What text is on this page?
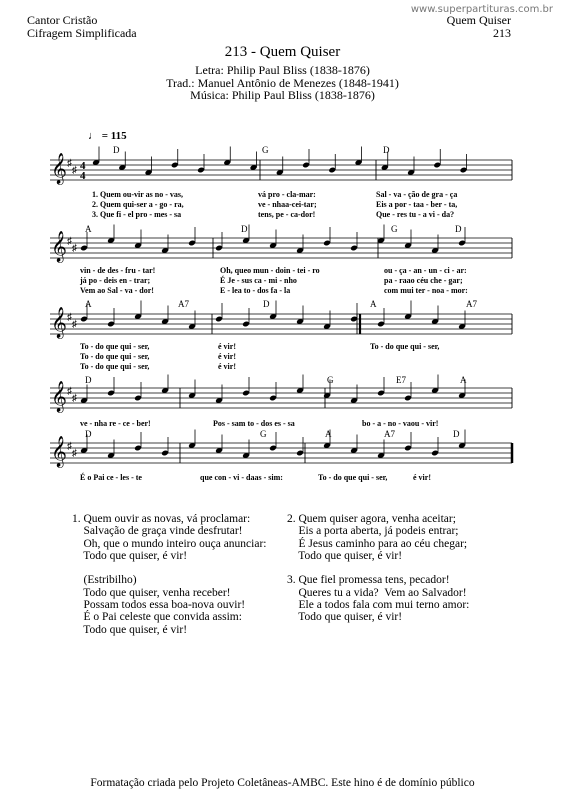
www.superpartituras.com.br
Cantor Cristão
Cifragem Simplificada
Quem Quiser
213
213 - Quem Quiser
Letra: Philip Paul Bliss (1838-1876)
Trad.: Manuel Antônio de Menezes (1848-1941)
Música: Philip Paul Bliss (1838-1876)
♩ = 115
𝄞 ♯
♯ 4
4
𝄞 ♯
♯
𝄞 ♯
♯
𝄞 ♯
♯
𝄞 ♯
♯
D	G	D
1. Quem ou-vir as no - vas,	vá pro - cla-mar:	Sal - va - ção de gra - ça
2. Quem qui-ser a - go - ra,	ve - nhaa-cei-tar;	Eis a por - taa - ber - ta,
3. Que fi - el pro - mes - sa	tens, pe - ca-dor!	Que - res tu - a vi - da?
A	D	G	D
vin - de des - fru - tar!	Oh, queo mun - doin - tei - ro	ou - ça - an - un - ci - ar:
já po - deis en - trar;	É Je - sus ca - mi - nho	pa - raao céu che - gar;
Vem ao Sal - va - dor!	E - lea to - dos fa - la	com mui ter - noa - mor:
A	A7	D	A	A7
To - do que qui - ser,	é vir!	To - do que qui - ser,
To - do que qui - ser,	é vir!
To - do que qui - ser,	é vir!
D	G	E7	A
ve - nha re - ce - ber!	Pos - sam to - dos es - sa	bo - a - no - vaou - vir!
D	G	A	A7	D
É o Pai ce - les - te	que con - vi - daas - sim:	To - do que qui - ser,	é vir!
1. Quem ouvir as novas, vá proclamar:
Salvação de graça vinde desfrutar!
Oh, que o mundo inteiro ouça anunciar:
Todo que quiser, é vir!

(Estribilho)
Todo que quiser, venha receber!
Possam todos essa boa-nova ouvir!
É o Pai celeste que convida assim:
Todo que quiser, é vir!
2. Quem quiser agora, venha aceitar;
Eis a porta aberta, já podeis entrar;
É Jesus caminho para ao céu chegar;
Todo que quiser, é vir!

3. Que fiel promessa tens, pecador!
Queres tu a vida?  Vem ao Salvador!
Ele a todos fala com mui terno amor:
Todo que quiser, é vir!
Formatação criada pelo Projeto Coletâneas-AMBC. Este hino é de domínio público
